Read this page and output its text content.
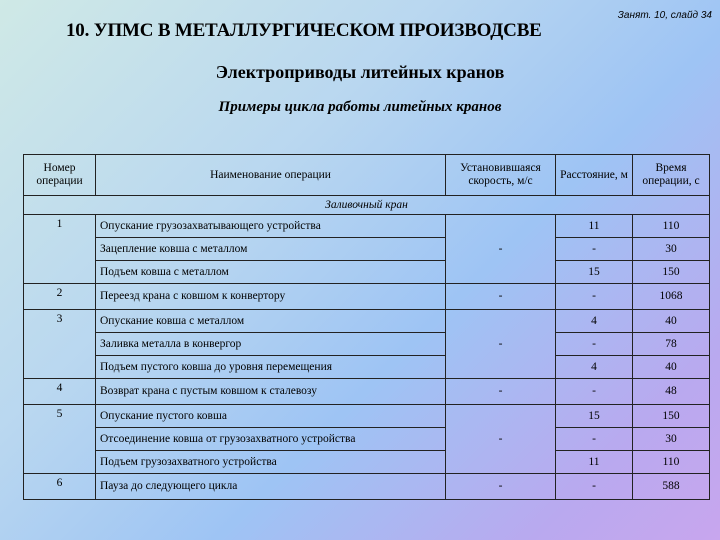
10. УПМС В МЕТАЛЛУРГИЧЕСКОМ ПРОИЗВОДСВЕ
Занят. 10, слайд 34
Электроприводы литейных кранов
Примеры цикла работы литейных кранов
Номер операции	Наименование операции	Установившаяся скорость, м/с	Расстояние, м	Время операции, с
Заливочный кран				
1	Опускание грузозахватывающего устройства	-	11	110
	Зацепление ковша с металлом		-	30
	Подъем ковша с металлом		15	150
2	Переезд крана с ковшом к конвертору	-	-	1068
3	Опускание ковша с металлом	-	4	40
	Заливка металла в конвергор		-	78
	Подъем пустого ковша до уровня перемещения		4	40
4	Возврат крана с пустым ковшом к сталевозу	-	-	48
5	Опускание пустого ковша	-	15	150
	Отсоединение ковша от грузозахватного устройства		-	30
	Подъем грузозахватного устройства		11	110
6	Пауза до следующего цикла	-	-	588
